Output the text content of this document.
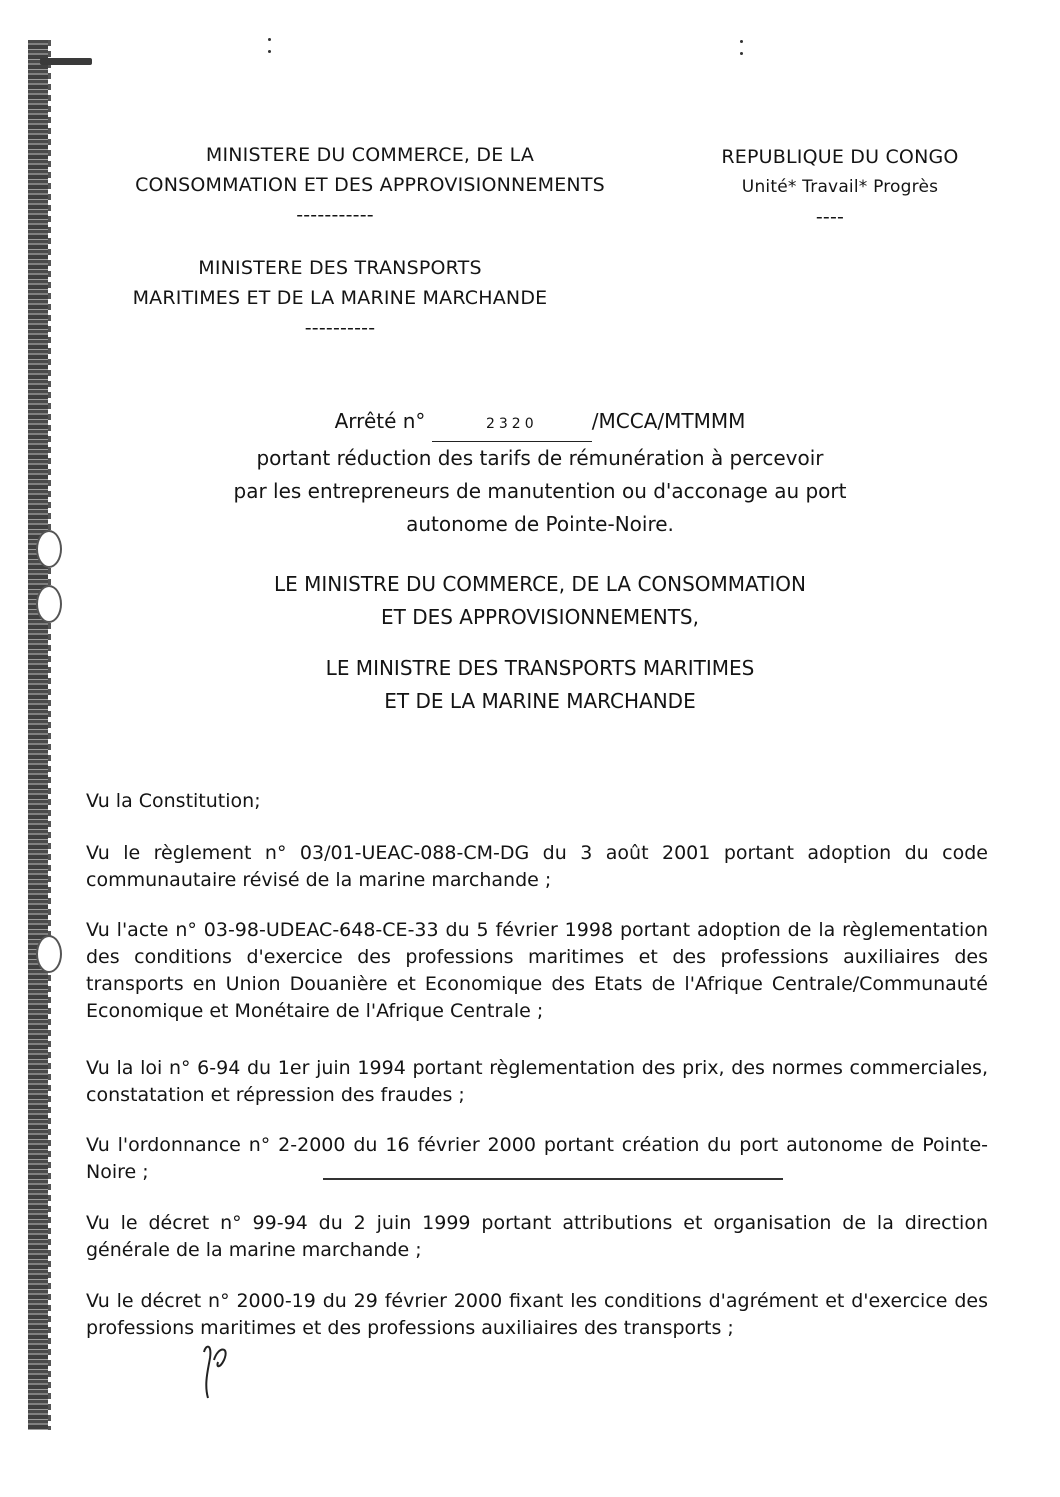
MINISTERE DU COMMERCE, DE LA
CONSOMMATION ET DES APPROVISIONNEMENTS
-----------
MINISTERE DES TRANSPORTS
MARITIMES ET DE LA MARINE MARCHANDE
----------
REPUBLIQUE DU CONGO
Unité* Travail* Progrès
----
Arrêté n°	2320	/MCCA/MTMMM
portant réduction des tarifs de rémunération à percevoir
par les entrepreneurs de manutention ou d'acconage au port
autonome de Pointe-Noire.
LE MINISTRE DU COMMERCE, DE LA CONSOMMATION
ET DES APPROVISIONNEMENTS,
LE MINISTRE DES TRANSPORTS MARITIMES
ET DE LA MARINE MARCHANDE
Vu la Constitution;
Vu le règlement n° 03/01-UEAC-088-CM-DG du 3 août 2001 portant adoption du code communautaire révisé de la marine marchande ;
Vu l'acte n° 03-98-UDEAC-648-CE-33 du 5 février 1998 portant adoption de la règlementation des conditions d'exercice des professions maritimes et des professions auxiliaires des transports en Union Douanière et Economique des Etats de l'Afrique Centrale/Communauté Economique et Monétaire de l'Afrique Centrale ;
Vu la loi n° 6-94 du 1er juin 1994 portant règlementation des prix, des normes commerciales, constatation et répression des fraudes ;
Vu l'ordonnance n° 2-2000 du 16 février 2000 portant création du port autonome de Pointe-Noire ;
Vu le décret n° 99-94 du 2 juin 1999 portant attributions et organisation de la direction générale de la marine marchande ;
Vu le décret n° 2000-19 du 29 février 2000 fixant les conditions d'agrément et d'exercice des professions maritimes et des professions auxiliaires des transports ;
